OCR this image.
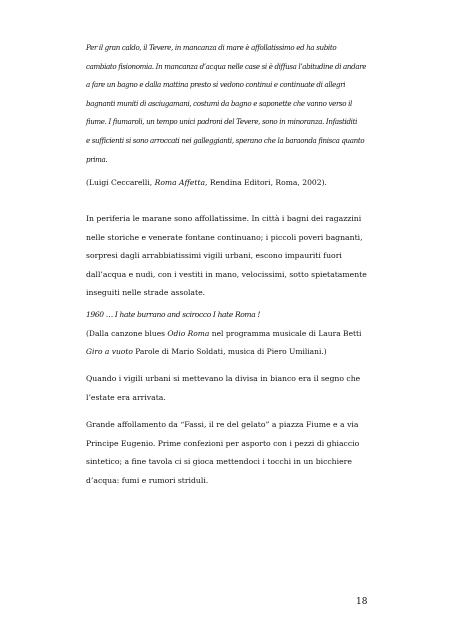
Per il gran caldo, il Tevere, in mancanza di mare è affollatissimo ed ha subito
cambiato fisionomia. In mancanza d’acqua nelle case si è diffusa l’abitudine di andare
a fare un bagno e dalla mattina presto si vedono continui e continuate di allegri
bagnanti muniti di asciugamani, costumi da bagno e saponette che vanno verso il
fiume. I fiumaroli, un tempo unici padroni del Tevere, sono in minoranza. Infastiditi
e sufficienti si sono arroccati nei galleggianti, sperano che la baraonda finisca quanto
prima.
(Luigi Ceccarelli, Roma Affetta, Rendina Editori, Roma, 2002).
In periferia le marane sono affollatissime. In città i bagni dei ragazzini
nelle storiche e venerate fontane continuano; i piccoli poveri bagnanti,
sorpresi dagli arrabbiatissimi vigili urbani, escono impauriti fuori
dall’acqua e nudi, con i vestiti in mano, velocissimi, sotto spietatamente
inseguiti nelle strade assolate.
1960 … I hate burrano and scirocco I hate Roma !
(Dalla canzone blues Odio Roma nel programma musicale di Laura Betti
Giro a vuoto Parole di Mario Soldati, musica di Piero Umiliani.)
Quando i vigili urbani si mettevano la divisa in bianco era il segno che
l’estate era arrivata.
Grande affollamento da “Fassi, il re del gelato” a piazza Fiume e a via
Principe Eugenio. Prime confezioni per asporto con i pezzi di ghiaccio
sintetico; a fine tavola ci si gioca mettendoci i tocchi in un bicchiere
d’acqua: fumi e rumori striduli.
18
